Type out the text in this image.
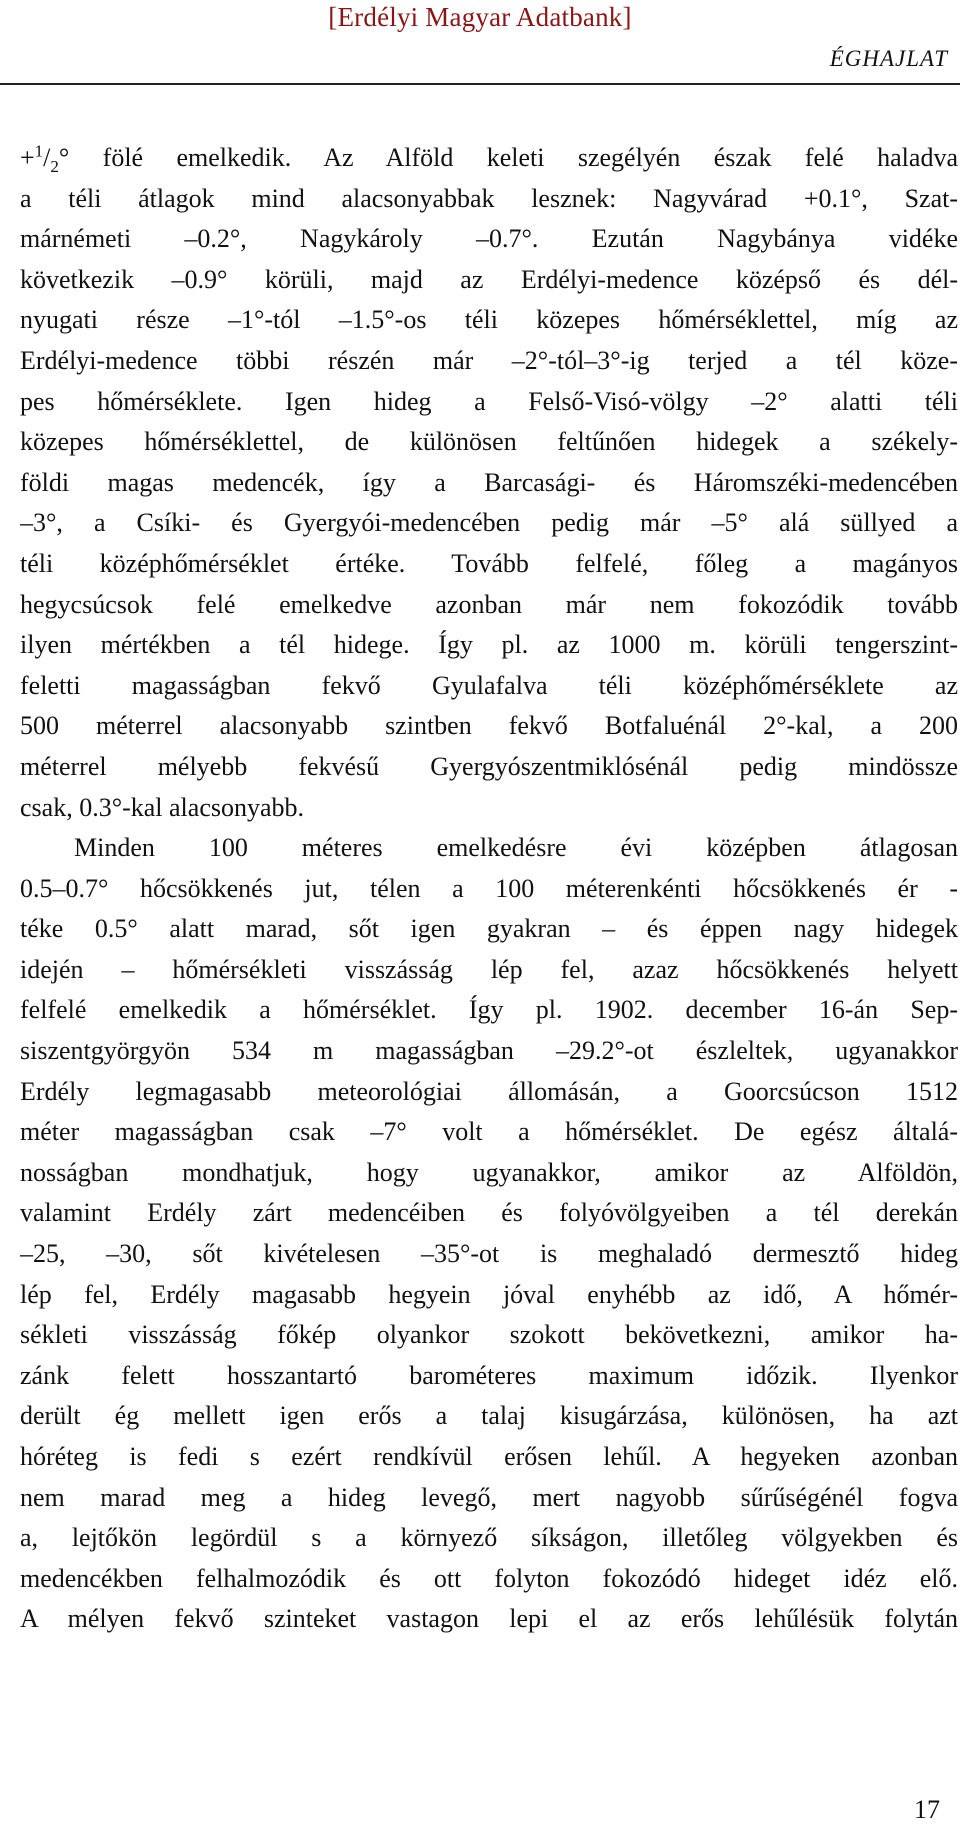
[Erdélyi Magyar Adatbank]
ÉGHAJLAT
$+^1/_2^\circ$ fölé emelkedik. Az Alföld keleti szegélyén észak felé haladva
a téli átlagok mind alacsonyabbak lesznek: Nagyvárad +0.1°, Szat-
márnémeti –0.2°, Nagykároly –0.7°. Ezután Nagybánya vidéke
következik –0.9° körüli, majd az Erdélyi-medence középső és dél-
nyugati része –1°-tól –1.5°-os téli közepes hőmérséklettel, míg az
Erdélyi-medence többi részén már –2°-tól–3°-ig terjed a tél köze-
pes hőmérséklete. Igen hideg a Felső-Visó-völgy –2° alatti téli
közepes hőmérséklettel, de különösen feltűnően hidegek a székely-
földi magas medencék, így a Barcasági- és Háromszéki-medencében
–3°, a Csíki- és Gyergyói-medencében pedig már –5° alá süllyed a
téli középhőmérséklet értéke. Tovább felfelé, főleg a magányos
hegycsúcsok felé emelkedve azonban már nem fokozódik tovább
ilyen mértékben a tél hidege. Így pl. az 1000 m. körüli tengerszint-
feletti magasságban fekvő Gyulafalva téli középhőmérséklete az
500 méterrel alacsonyabb szintben fekvő Botfaluénál 2°-kal, a 200
méterrel mélyebb fekvésű Gyergyószentmiklósénál pedig mindössze
csak, 0.3°-kal alacsonyabb.
Minden 100 méteres emelkedésre évi középben átlagosan
0.5–0.7° hőcsökkenés jut, télen a 100 méterenkénti hőcsökkenés ér -
téke 0.5° alatt marad, sőt igen gyakran – és éppen nagy hidegek
idején – hőmérsékleti visszásság lép fel, azaz hőcsökkenés helyett
felfelé emelkedik a hőmérséklet. Így pl. 1902. december 16-án Sep-
siszentgyörgyön 534 m magasságban –29.2°-ot észleltek, ugyanakkor
Erdély legmagasabb meteorológiai állomásán, a Goorcsúcson 1512
méter magasságban csak –7° volt a hőmérséklet. De egész általá-
nosságban mondhatjuk, hogy ugyanakkor, amikor az Alföldön,
valamint Erdély zárt medencéiben és folyóvölgyeiben a tél derekán
–25, –30, sőt kivételesen –35°-ot is meghaladó dermesztő hideg
lép fel, Erdély magasabb hegyein jóval enyhébb az idő, A hőmér-
sékleti visszásság főkép olyankor szokott bekövetkezni, amikor ha-
zánk felett hosszantartó barométeres maximum időzik. Ilyenkor
derült ég mellett igen erős a talaj kisugárzása, különösen, ha azt
hóréteg is fedi s ezért rendkívül erősen lehűl. A hegyeken azonban
nem marad meg a hideg levegő, mert nagyobb sűrűségénél fogva
a, lejtőkön legördül s a környező síkságon, illetőleg völgyekben és
medencékben felhalmozódik és ott folyton fokozódó hideget idéz elő.
A mélyen fekvő szinteket vastagon lepi el az erős lehűlésük folytán
17
